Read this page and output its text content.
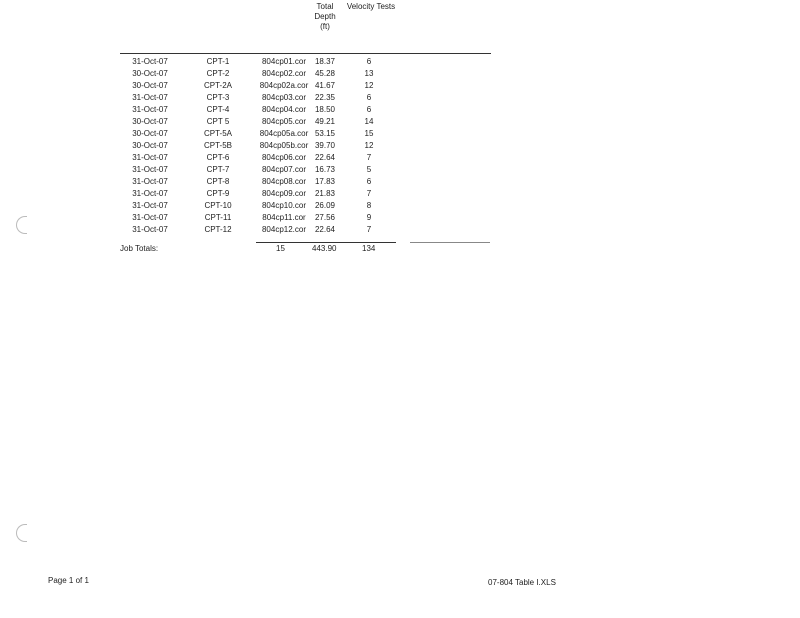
Total
Depth
(ft)
Velocity Tests
31-Oct-07	CPT-1	804cp01.cor	18.37	6
30-Oct-07	CPT-2	804cp02.cor	45.28	13
30-Oct-07	CPT-2A	804cp02a.cor 41.67	12
31-Oct-07	CPT-3	804cp03.cor	22.35	6
31-Oct-07	CPT-4	804cp04.cor	18.50	6
30-Oct-07	CPT 5	804cp05.cor	49.21	14
30-Oct-07	CPT-5A	804cp05a.cor 53.15	15
30-Oct-07	CPT-5B	804cp05b.cor 39.70	12
31-Oct-07	CPT-6	804cp06.cor	22.64	7
31-Oct-07	CPT-7	804cp07.cor	16.73	5
31-Oct-07	CPT-8	804cp08.cor	17.83	6
31-Oct-07	CPT-9	804cp09.cor	21.83	7
31-Oct-07	CPT-10	804cp10.cor	26.09	8
31-Oct-07	CPT-11	804cp11.cor	27.56	9
31-Oct-07	CPT-12	804cp12.cor	22.64	7
Job Totals:	15	443.90	134
Page 1 of 1	07-804 Table I.XLS
